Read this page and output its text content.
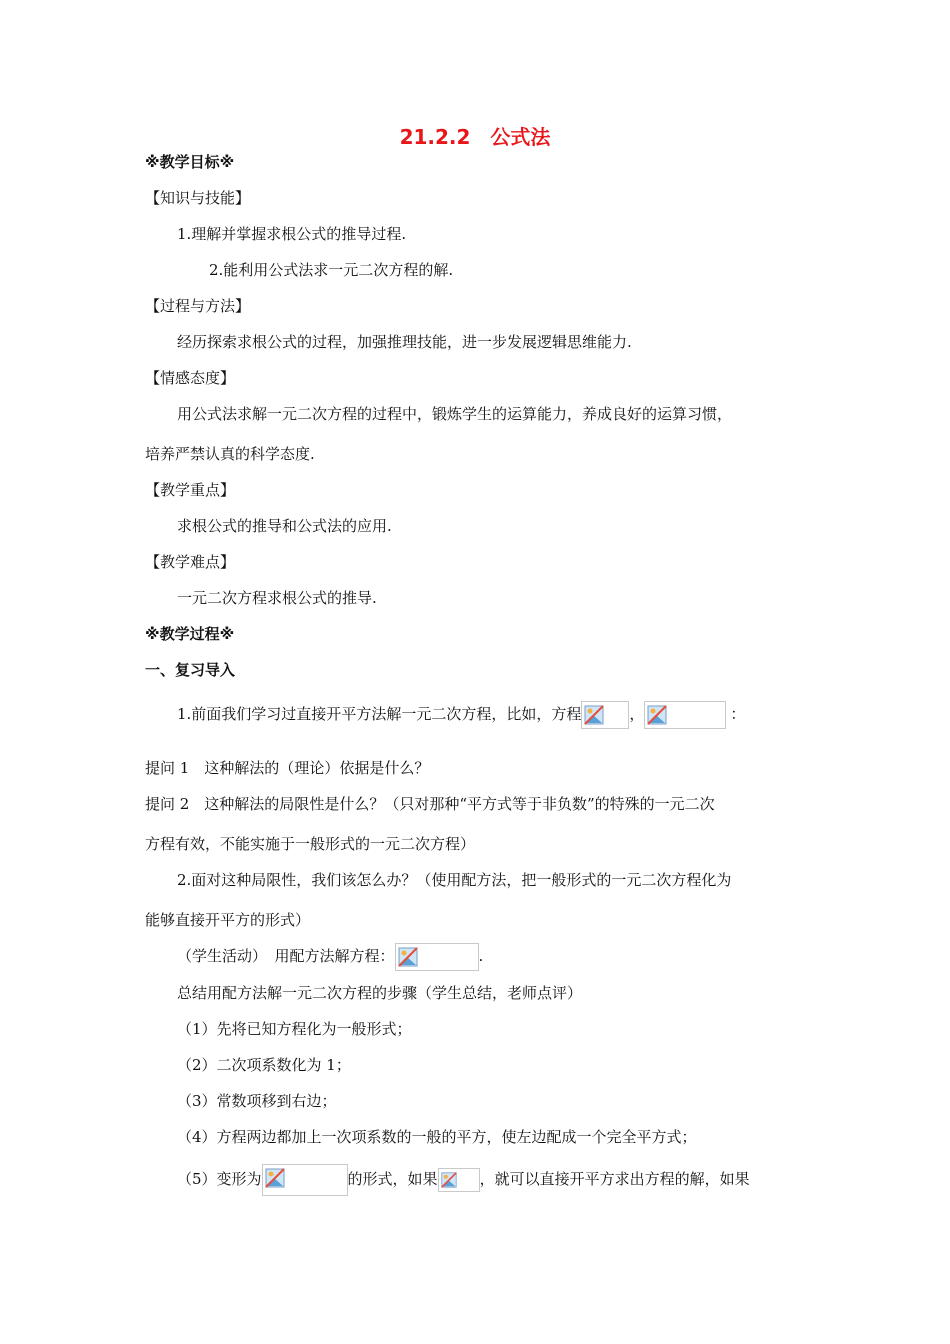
21.2.2　公式法
※教学目标※
【知识与技能】
1.理解并掌握求根公式的推导过程.
2.能利用公式法求一元二次方程的解.
【过程与方法】
经历探索求根公式的过程，加强推理技能，进一步发展逻辑思维能力.
【情感态度】
用公式法求解一元二次方程的过程中，锻炼学生的运算能力，养成良好的运算习惯，
培养严禁认真的科学态度.
【教学重点】
求根公式的推导和公式法的应用.
【教学难点】
一元二次方程求根公式的推导.
※教学过程※
一、复习导入
1.前面我们学习过直接开平方法解一元二次方程，比如，方程	，	：
提问 1　这种解法的（理论）依据是什么？
提问 2　这种解法的局限性是什么？（只对那种“平方式等于非负数”的特殊的一元二次
方程有效，不能实施于一般形式的一元二次方程）
2.面对这种局限性，我们该怎么办？（使用配方法，把一般形式的一元二次方程化为
能够直接开平方的形式）
（学生活动）　用配方法解方程：	.
总结用配方法解一元二次方程的步骤（学生总结，老师点评）
（1）先将已知方程化为一般形式；
（2）二次项系数化为 1；
（3）常数项移到右边；
（4）方程两边都加上一次项系数的一般的平方，使左边配成一个完全平方式；
（5）变形为	的形式，如果	，就可以直接开平方求出方程的解，如果
